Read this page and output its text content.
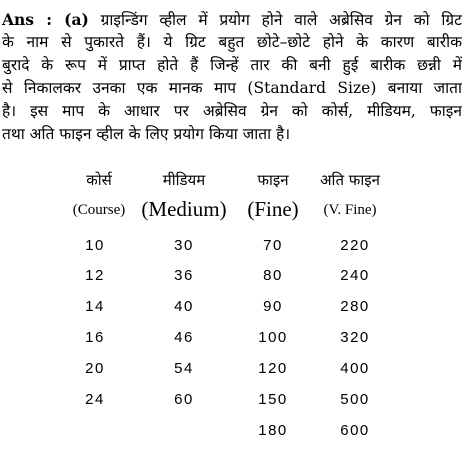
Ans : (a) ग्राइन्डिंग व्हील में प्रयोग होने वाले अब्रेसिव ग्रेन को ग्रिट
के नाम से पुकारते हैं। ये ग्रिट बहुत छोटे–छोटे होने के कारण बारीक
बुरादे के रूप में प्राप्त होते हैं जिन्हें तार की बनी हुई बारीक छन्नी में
से निकालकर उनका एक मानक माप (Standard Size) बनाया जाता
है। इस माप के आधार पर अब्रेसिव ग्रेन को कोर्स, मीडियम, फाइन
तथा अति फाइन व्हील के लिए प्रयोग किया जाता है।
कोर्स
(Course)
मीडियम
(Medium)
फाइन
(Fine)
अति फाइन
(V. Fine)
10
12
14
16
20
24
30
36
40
46
54
60
70
80
90
100
120
150
180
220
240
280
320
400
500
600
